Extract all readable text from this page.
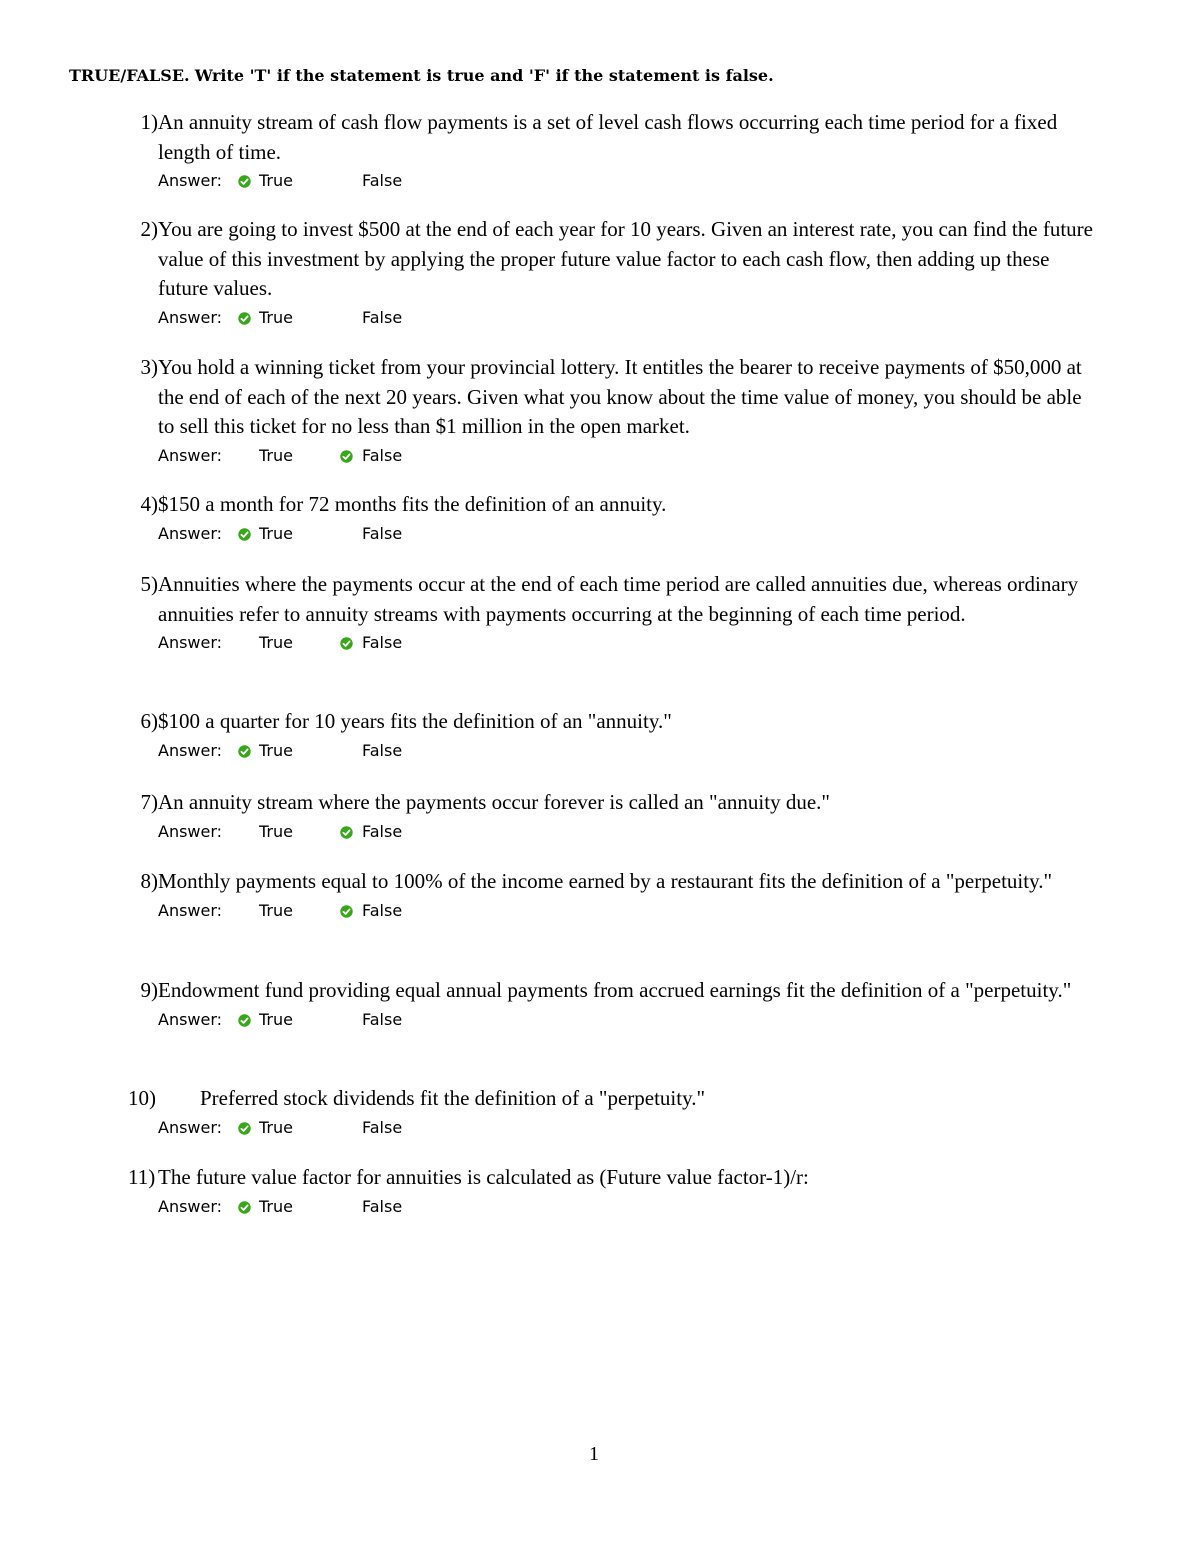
TRUE/FALSE. Write 'T' if the statement is true and 'F' if the statement is false.
1) An annuity stream of cash flow payments is a set of level cash flows occurring each time period for a fixed length of time.
Answer: True	False
2) You are going to invest $500 at the end of each year for 10 years. Given an interest rate, you can find the future value of this investment by applying the proper future value factor to each cash flow, then adding up these future values.
Answer: True	False
3) You hold a winning ticket from your provincial lottery. It entitles the bearer to receive payments of $50,000 at the end of each of the next 20 years. Given what you know about the time value of money, you should be able to sell this ticket for no less than $1 million in the open market.
Answer: True	False
4) $150 a month for 72 months fits the definition of an annuity.
Answer: True	False
5) Annuities where the payments occur at the end of each time period are called annuities due, whereas ordinary annuities refer to annuity streams with payments occurring at the beginning of each time period.
Answer: True	False
6) $100 a quarter for 10 years fits the definition of an "annuity."
Answer: True	False
7) An annuity stream where the payments occur forever is called an "annuity due."
Answer: True	False
8) Monthly payments equal to 100% of the income earned by a restaurant fits the definition of a "perpetuity."
Answer: True	False
9) Endowment fund providing equal annual payments from accrued earnings fit the definition of a "perpetuity."
Answer: True	False
10) Preferred stock dividends fit the definition of a "perpetuity."
Answer: True	False
11) The future value factor for annuities is calculated as (Future value factor-1)/r:
Answer: True	False
1
